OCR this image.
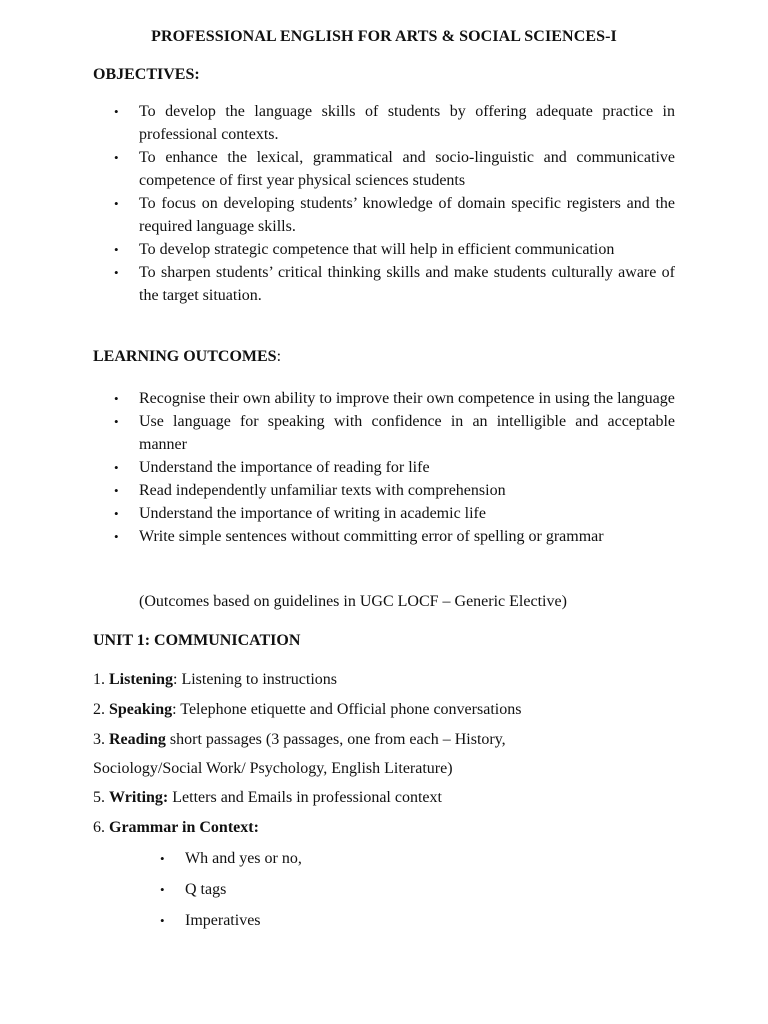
PROFESSIONAL ENGLISH FOR ARTS & SOCIAL SCIENCES-I
OBJECTIVES:
• To develop the language skills of students by offering adequate practice in professional contexts.
• To enhance the lexical, grammatical and socio-linguistic and communicative competence of first year physical sciences students
• To focus on developing students’ knowledge of domain specific registers and the required language skills.
• To develop strategic competence that will help in efficient communication
• To sharpen students’ critical thinking skills and make students culturally aware of the target situation.
LEARNING OUTCOMES:
• Recognise their own ability to improve their own competence in using the language
• Use language for speaking with confidence in an intelligible and acceptable manner
• Understand the importance of reading for life
• Read independently unfamiliar texts with comprehension
• Understand the importance of writing in academic life
• Write simple sentences without committing error of spelling or grammar
(Outcomes based on guidelines in UGC LOCF – Generic Elective)
UNIT 1: COMMUNICATION
1. Listening: Listening to instructions
2. Speaking: Telephone etiquette and Official phone conversations
3. Reading short passages (3 passages, one from each – History,
Sociology/Social Work/ Psychology, English Literature)
5. Writing: Letters and Emails in professional context
6. Grammar in Context:
• Wh and yes or no,
• Q tags
• Imperatives
